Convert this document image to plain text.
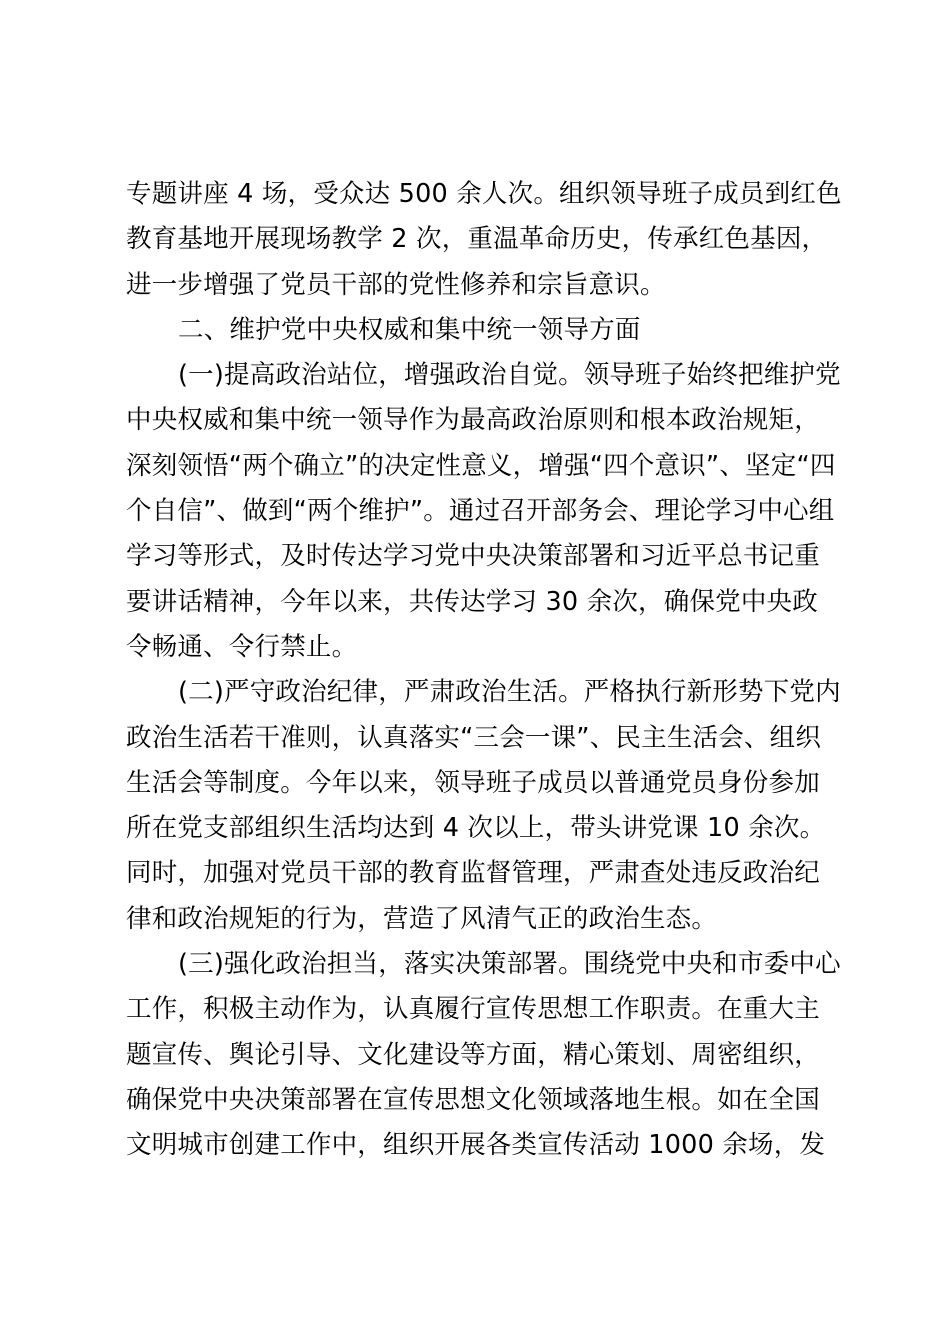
专题讲座 4 场，受众达 500 余人次。组织领导班子成员到红色
教育基地开展现场教学 2 次，重温革命历史，传承红色基因，
进一步增强了党员干部的党性修养和宗旨意识。
二、维护党中央权威和集中统一领导方面
(一)提高政治站位，增强政治自觉。领导班子始终把维护党
中央权威和集中统一领导作为最高政治原则和根本政治规矩，
深刻领悟“两个确立”的决定性意义，增强“四个意识”、坚定“四
个自信”、做到“两个维护”。通过召开部务会、理论学习中心组
学习等形式，及时传达学习党中央决策部署和习近平总书记重
要讲话精神，今年以来，共传达学习 30 余次，确保党中央政
令畅通、令行禁止。
(二)严守政治纪律，严肃政治生活。严格执行新形势下党内
政治生活若干准则，认真落实“三会一课”、民主生活会、组织
生活会等制度。今年以来，领导班子成员以普通党员身份参加
所在党支部组织生活均达到 4 次以上，带头讲党课 10 余次。
同时，加强对党员干部的教育监督管理，严肃查处违反政治纪
律和政治规矩的行为，营造了风清气正的政治生态。
(三)强化政治担当，落实决策部署。围绕党中央和市委中心
工作，积极主动作为，认真履行宣传思想工作职责。在重大主
题宣传、舆论引导、文化建设等方面，精心策划、周密组织，
确保党中央决策部署在宣传思想文化领域落地生根。如在全国
文明城市创建工作中，组织开展各类宣传活动 1000 余场，发
